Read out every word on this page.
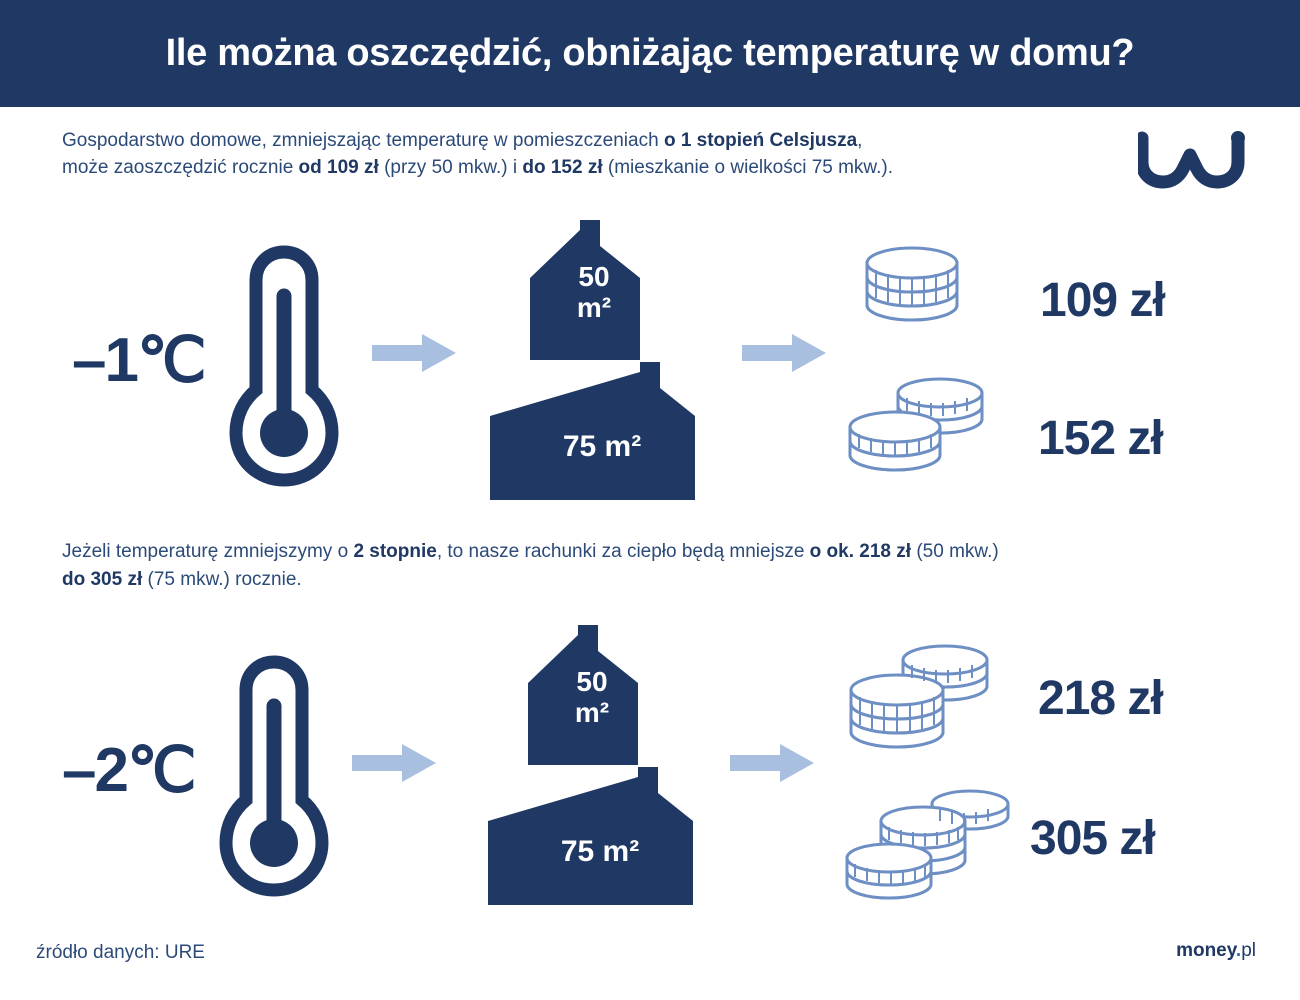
Ile można oszczędzić, obniżając temperaturę w domu?
Gospodarstwo domowe, zmniejszając temperaturę w pomieszczeniach o 1 stopień Celsjusza,
może zaoszczędzić rocznie od 109 zł (przy 50 mkw.) i do 152 zł (mieszkanie o wielkości 75 mkw.).
–1℃
50
m²
75 m²
109 zł
152 zł
Jeżeli temperaturę zmniejszymy o 2 stopnie, to nasze rachunki za ciepło będą mniejsze o ok. 218 zł (50 mkw.)
do 305 zł (75 mkw.) rocznie.
–2℃
50
m²
75 m²
218 zł
305 zł
źródło danych: URE	money.pl
